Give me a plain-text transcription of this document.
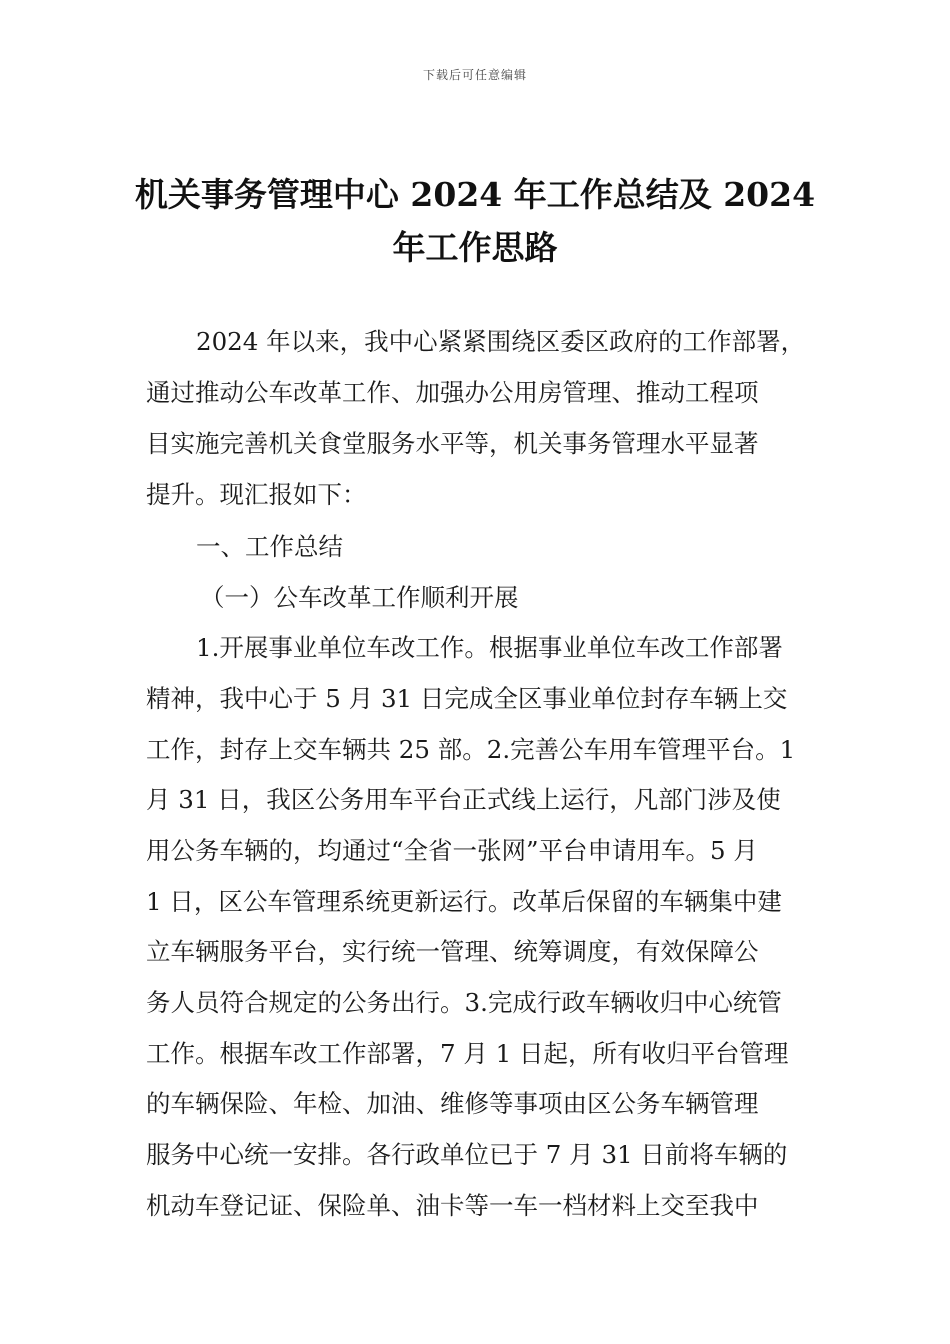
下载后可任意编辑
机关事务管理中心 2024 年工作总结及 2024
年工作思路
2024 年以来，我中心紧紧围绕区委区政府的工作部署，
通过推动公车改革工作、加强办公用房管理、推动工程项
目实施完善机关食堂服务水平等，机关事务管理水平显著
提升。现汇报如下：
一、工作总结
（一）公车改革工作顺利开展
1.开展事业单位车改工作。根据事业单位车改工作部署
精神，我中心于 5 月 31 日完成全区事业单位封存车辆上交
工作，封存上交车辆共 25 部。2.完善公车用车管理平台。1
月 31 日，我区公务用车平台正式线上运行，凡部门涉及使
用公务车辆的，均通过“全省一张网”平台申请用车。5 月
1 日，区公车管理系统更新运行。改革后保留的车辆集中建
立车辆服务平台，实行统一管理、统筹调度，有效保障公
务人员符合规定的公务出行。3.完成行政车辆收归中心统管
工作。根据车改工作部署，7 月 1 日起，所有收归平台管理
的车辆保险、年检、加油、维修等事项由区公务车辆管理
服务中心统一安排。各行政单位已于 7 月 31 日前将车辆的
机动车登记证、保险单、油卡等一车一档材料上交至我中
